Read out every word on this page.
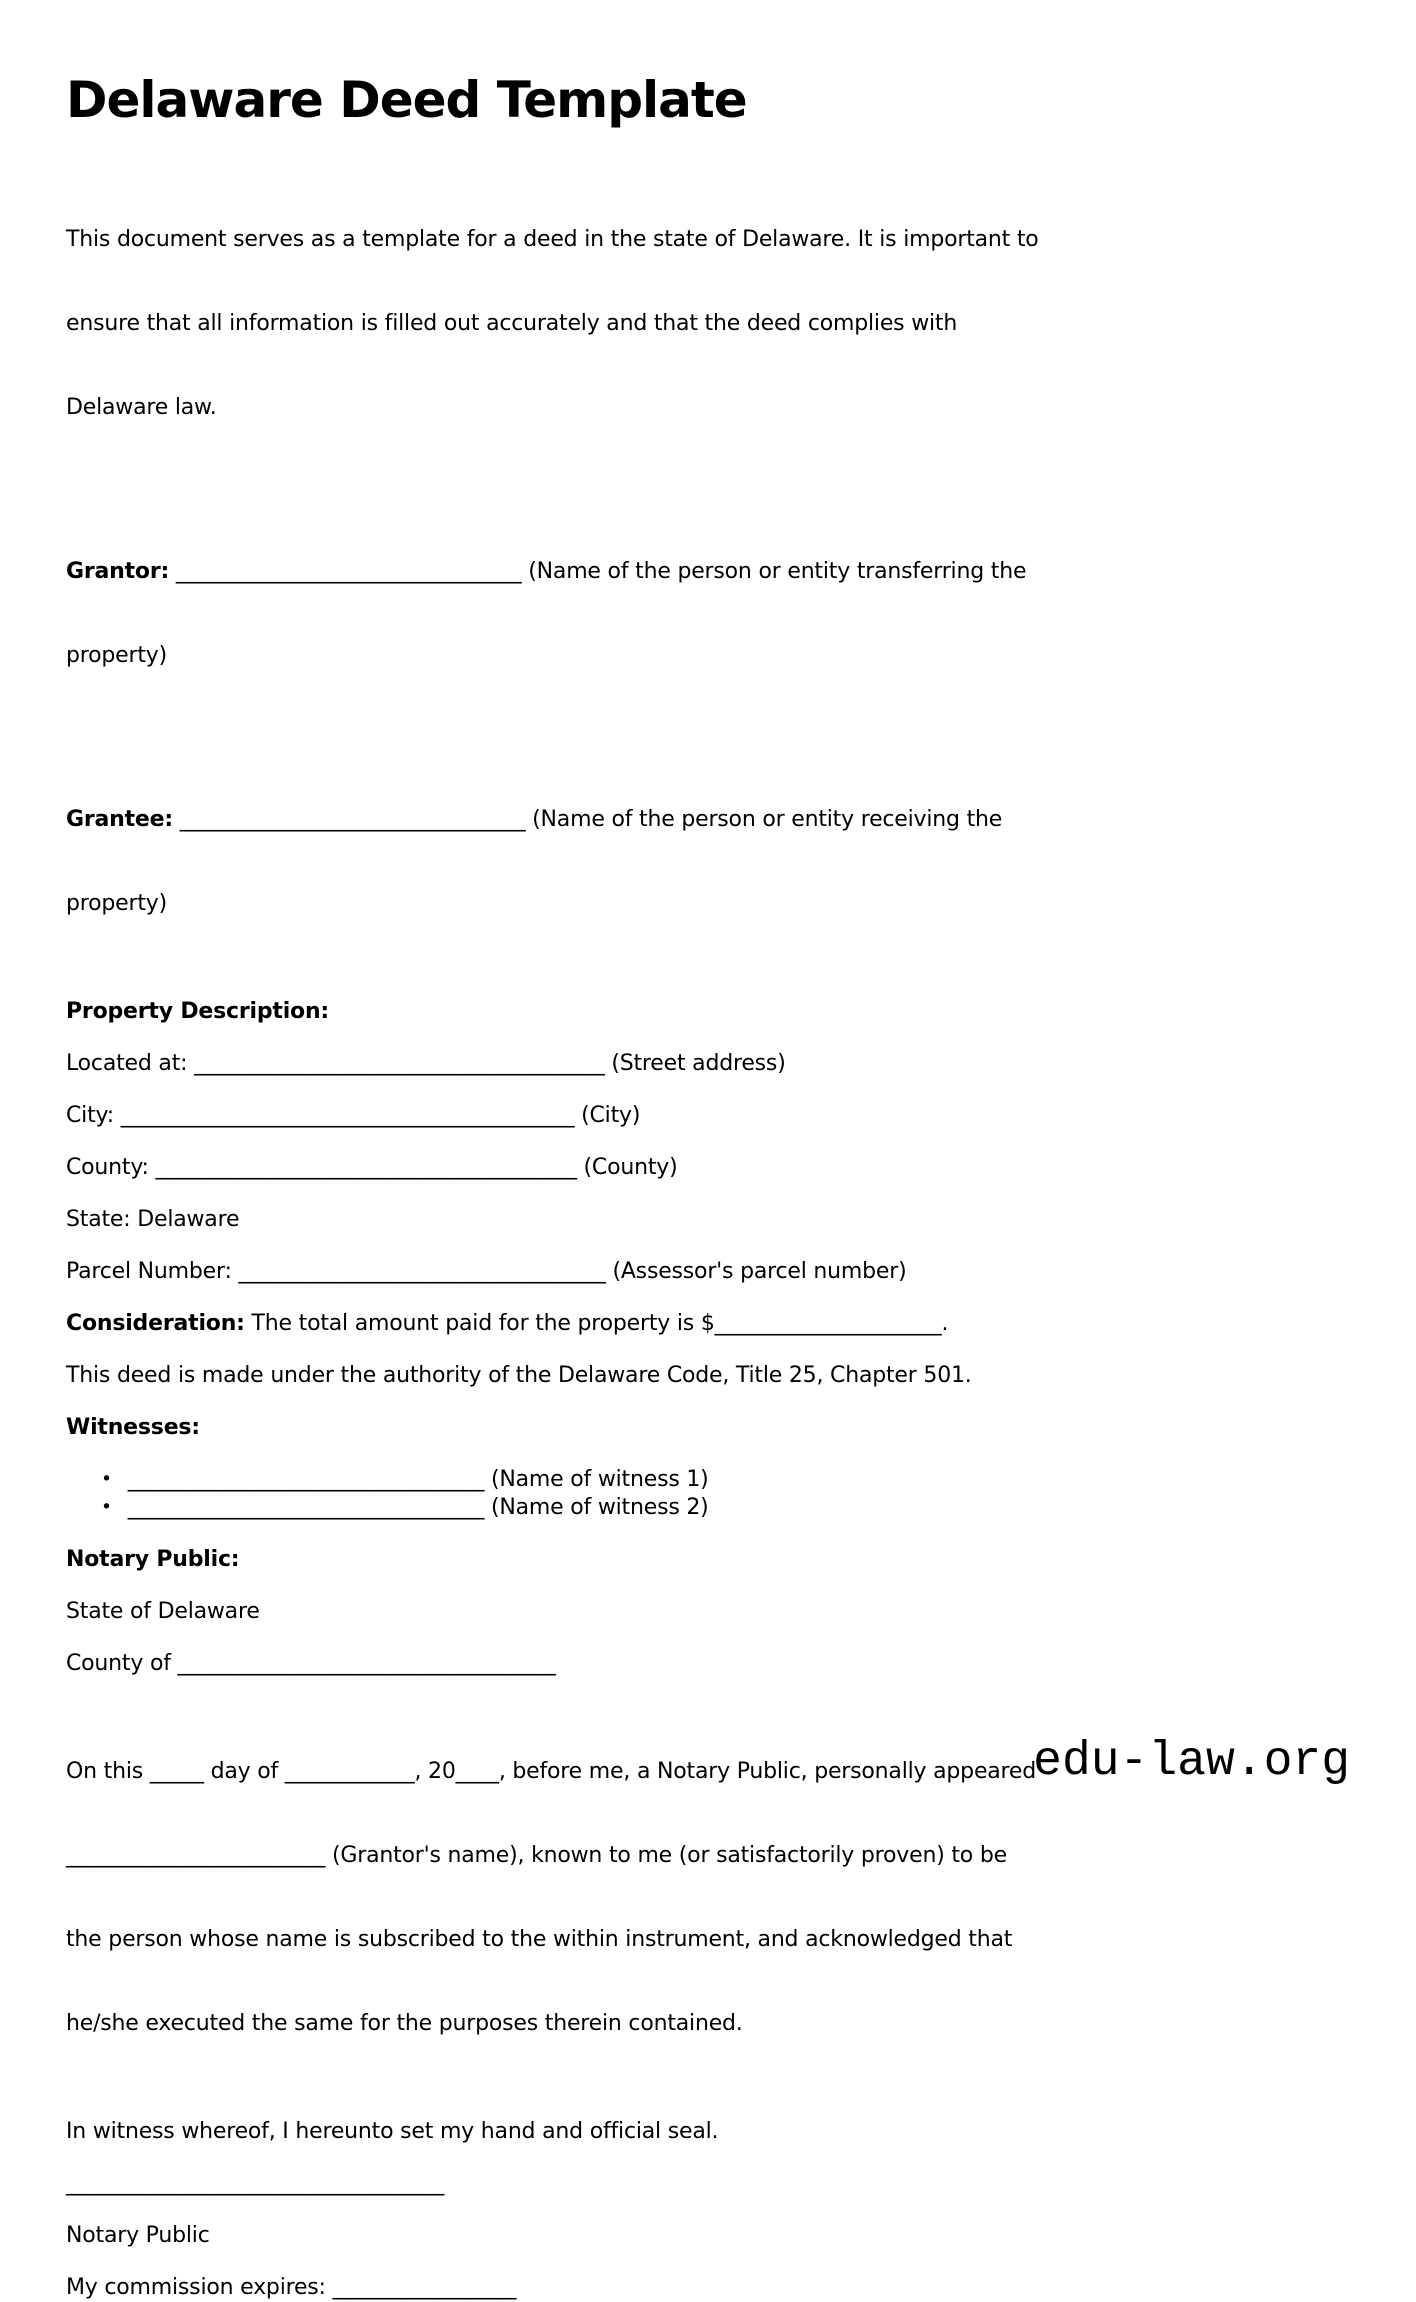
Delaware Deed Template

This document serves as a template for a deed in the state of Delaware. It is important to

ensure that all information is filled out accurately and that the deed complies with

Delaware law.

Grantor: ________________________________ (Name of the person or entity transferring the

property)

Grantee: ________________________________ (Name of the person or entity receiving the

property)

Property Description:

Located at: ______________________________________ (Street address)

City: __________________________________________ (City)

County: _______________________________________ (County)

State: Delaware

Parcel Number: __________________________________ (Assessor's parcel number)

Consideration: The total amount paid for the property is $_____________________.

This deed is made under the authority of the Delaware Code, Title 25, Chapter 501.

Witnesses:

• _________________________________ (Name of witness 1)
• _________________________________ (Name of witness 2)

Notary Public:

State of Delaware

County of ___________________________________

On this _____ day of ____________, 20____, before me, a Notary Public, personally appeared

________________________ (Grantor's name), known to me (or satisfactorily proven) to be

the person whose name is subscribed to the within instrument, and acknowledged that

he/she executed the same for the purposes therein contained.

In witness whereof, I hereunto set my hand and official seal.

___________________________________

Notary Public

My commission expires: _________________

edu-law.org
